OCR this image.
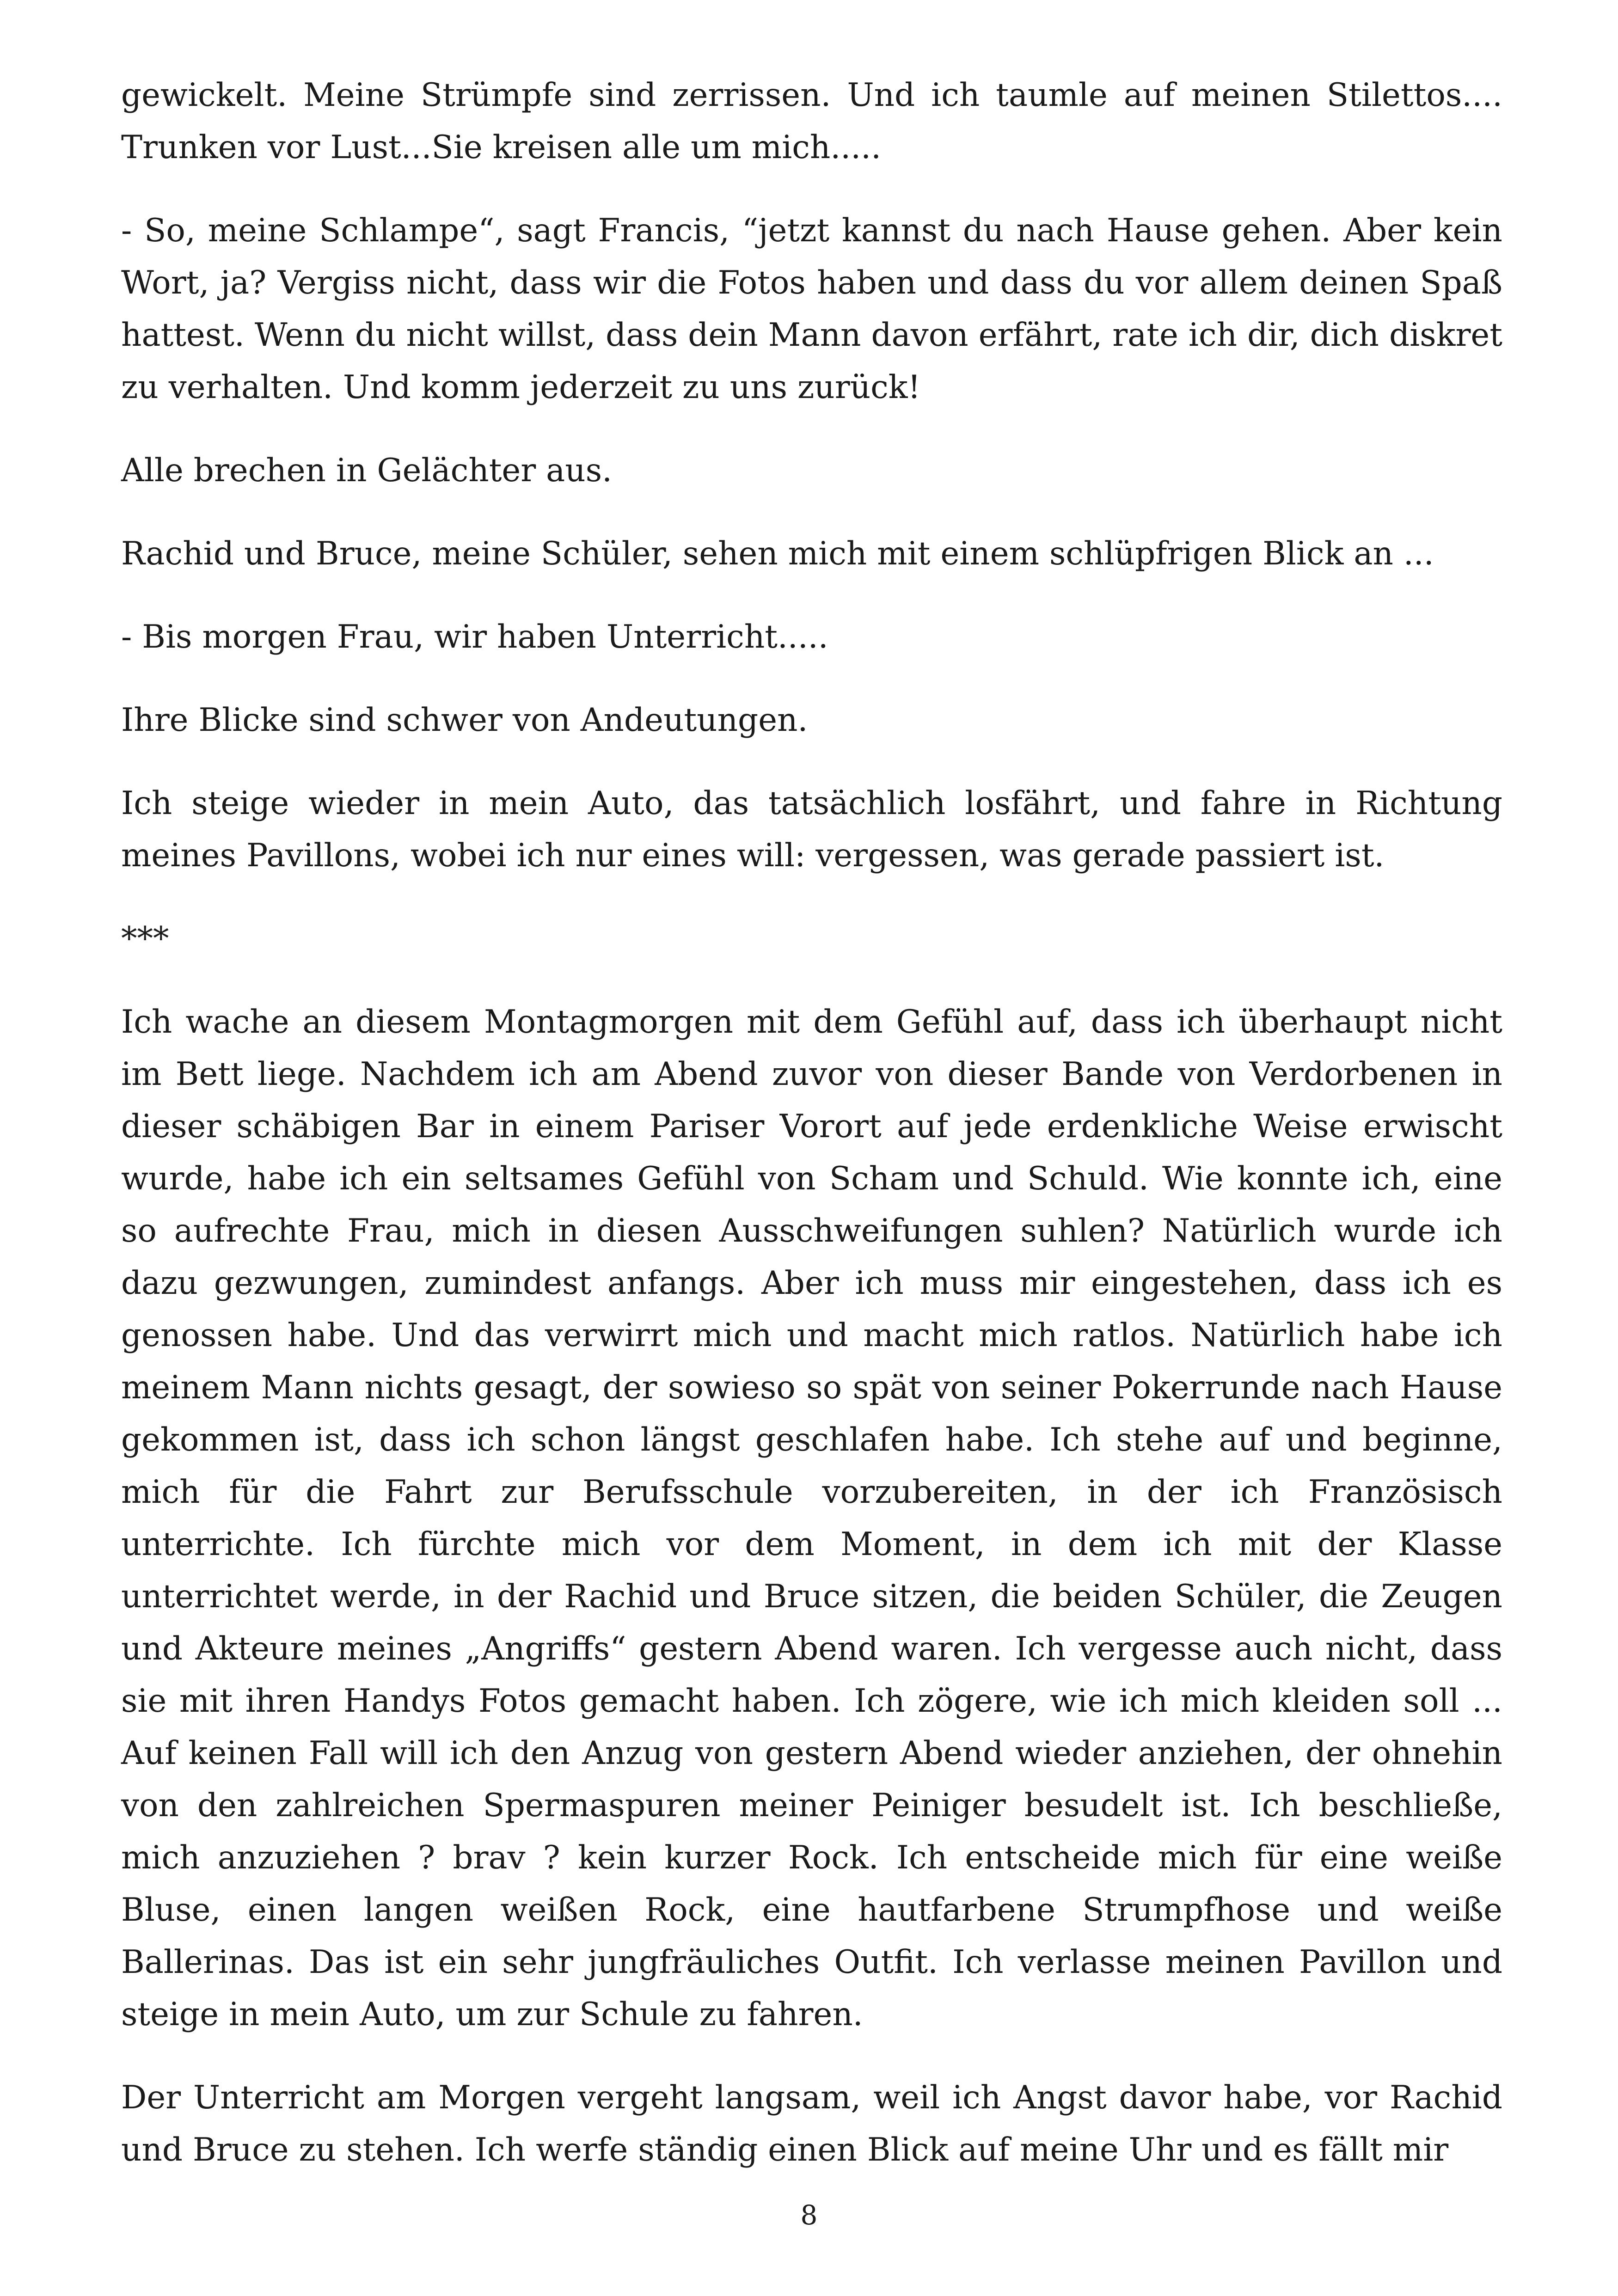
gewickelt. Meine Strümpfe sind zerrissen. Und ich taumle auf meinen Stilettos.... Trunken vor Lust...Sie kreisen alle um mich.....

- So, meine Schlampe“, sagt Francis, “jetzt kannst du nach Hause gehen. Aber kein Wort, ja? Vergiss nicht, dass wir die Fotos haben und dass du vor allem deinen Spaß hattest. Wenn du nicht willst, dass dein Mann davon erfährt, rate ich dir, dich diskret zu verhalten. Und komm jederzeit zu uns zurück!

Alle brechen in Gelächter aus.

Rachid und Bruce, meine Schüler, sehen mich mit einem schlüpfrigen Blick an ...

- Bis morgen Frau, wir haben Unterricht.....

Ihre Blicke sind schwer von Andeutungen.

Ich steige wieder in mein Auto, das tatsächlich losfährt, und fahre in Richtung meines Pavillons, wobei ich nur eines will: vergessen, was gerade passiert ist.

***

Ich wache an diesem Montagmorgen mit dem Gefühl auf, dass ich überhaupt nicht im Bett liege. Nachdem ich am Abend zuvor von dieser Bande von Verdorbenen in dieser schäbigen Bar in einem Pariser Vorort auf jede erdenkliche Weise erwischt wurde, habe ich ein seltsames Gefühl von Scham und Schuld. Wie konnte ich, eine so aufrechte Frau, mich in diesen Ausschweifungen suhlen? Natürlich wurde ich dazu gezwungen, zumindest anfangs. Aber ich muss mir eingestehen, dass ich es genossen habe. Und das verwirrt mich und macht mich ratlos. Natürlich habe ich meinem Mann nichts gesagt, der sowieso so spät von seiner Pokerrunde nach Hause gekommen ist, dass ich schon längst geschlafen habe. Ich stehe auf und beginne, mich für die Fahrt zur Berufsschule vorzubereiten, in der ich Französisch unterrichte. Ich fürchte mich vor dem Moment, in dem ich mit der Klasse unterrichtet werde, in der Rachid und Bruce sitzen, die beiden Schüler, die Zeugen und Akteure meines „Angriffs“ gestern Abend waren. Ich vergesse auch nicht, dass sie mit ihren Handys Fotos gemacht haben. Ich zögere, wie ich mich kleiden soll ... Auf keinen Fall will ich den Anzug von gestern Abend wieder anziehen, der ohnehin von den zahlreichen Spermaspuren meiner Peiniger besudelt ist. Ich beschließe, mich anzuziehen ? brav ? kein kurzer Rock. Ich entscheide mich für eine weiße Bluse, einen langen weißen Rock, eine hautfarbene Strumpfhose und weiße Ballerinas. Das ist ein sehr jungfräuliches Outfit. Ich verlasse meinen Pavillon und steige in mein Auto, um zur Schule zu fahren.

Der Unterricht am Morgen vergeht langsam, weil ich Angst davor habe, vor Rachid und Bruce zu stehen. Ich werfe ständig einen Blick auf meine Uhr und es fällt mir

8
